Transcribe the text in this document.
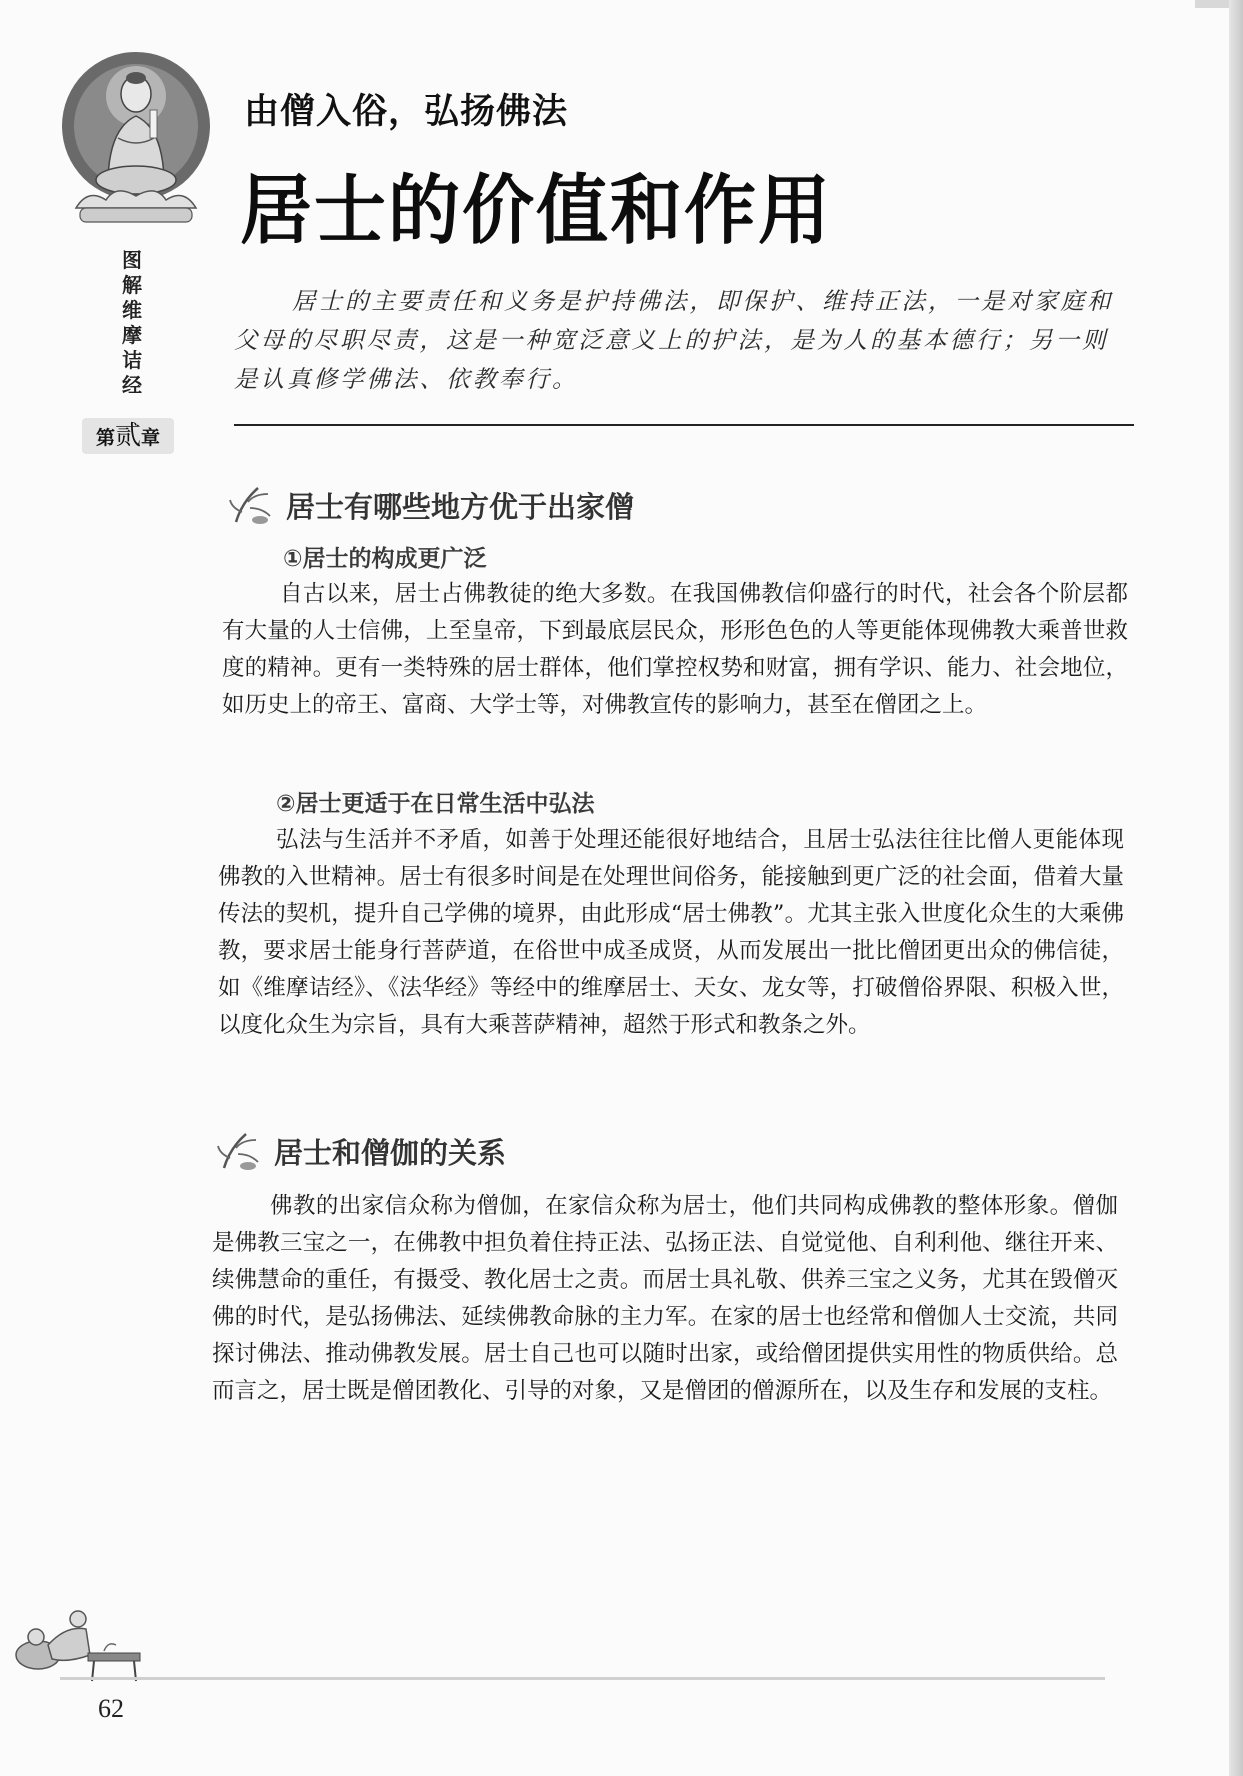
图
解
维
摩
诘
经
第贰章
由僧入俗，弘扬佛法
居士的价值和作用
居士的主要责任和义务是护持佛法，即保护、维持正法，一是对家庭和父母的尽职尽责，这是一种宽泛意义上的护法，是为人的基本德行；另一则是认真修学佛法、依教奉行。
居士有哪些地方优于出家僧
①居士的构成更广泛
自古以来，居士占佛教徒的绝大多数。在我国佛教信仰盛行的时代，社会各个阶层都有大量的人士信佛，上至皇帝，下到最底层民众，形形色色的人等更能体现佛教大乘普世救度的精神。更有一类特殊的居士群体，他们掌控权势和财富，拥有学识、能力、社会地位，如历史上的帝王、富商、大学士等，对佛教宣传的影响力，甚至在僧团之上。
②居士更适于在日常生活中弘法
弘法与生活并不矛盾，如善于处理还能很好地结合，且居士弘法往往比僧人更能体现佛教的入世精神。居士有很多时间是在处理世间俗务，能接触到更广泛的社会面，借着大量传法的契机，提升自己学佛的境界，由此形成“居士佛教”。尤其主张入世度化众生的大乘佛教，要求居士能身行菩萨道，在俗世中成圣成贤，从而发展出一批比僧团更出众的佛信徒，如《维摩诘经》、《法华经》等经中的维摩居士、天女、龙女等，打破僧俗界限、积极入世，以度化众生为宗旨，具有大乘菩萨精神，超然于形式和教条之外。
居士和僧伽的关系
佛教的出家信众称为僧伽，在家信众称为居士，他们共同构成佛教的整体形象。僧伽是佛教三宝之一，在佛教中担负着住持正法、弘扬正法、自觉觉他、自利利他、继往开来、续佛慧命的重任，有摄受、教化居士之责。而居士具礼敬、供养三宝之义务，尤其在毁僧灭佛的时代，是弘扬佛法、延续佛教命脉的主力军。在家的居士也经常和僧伽人士交流，共同探讨佛法、推动佛教发展。居士自己也可以随时出家，或给僧团提供实用性的物质供给。总而言之，居士既是僧团教化、引导的对象，又是僧团的僧源所在，以及生存和发展的支柱。
62
